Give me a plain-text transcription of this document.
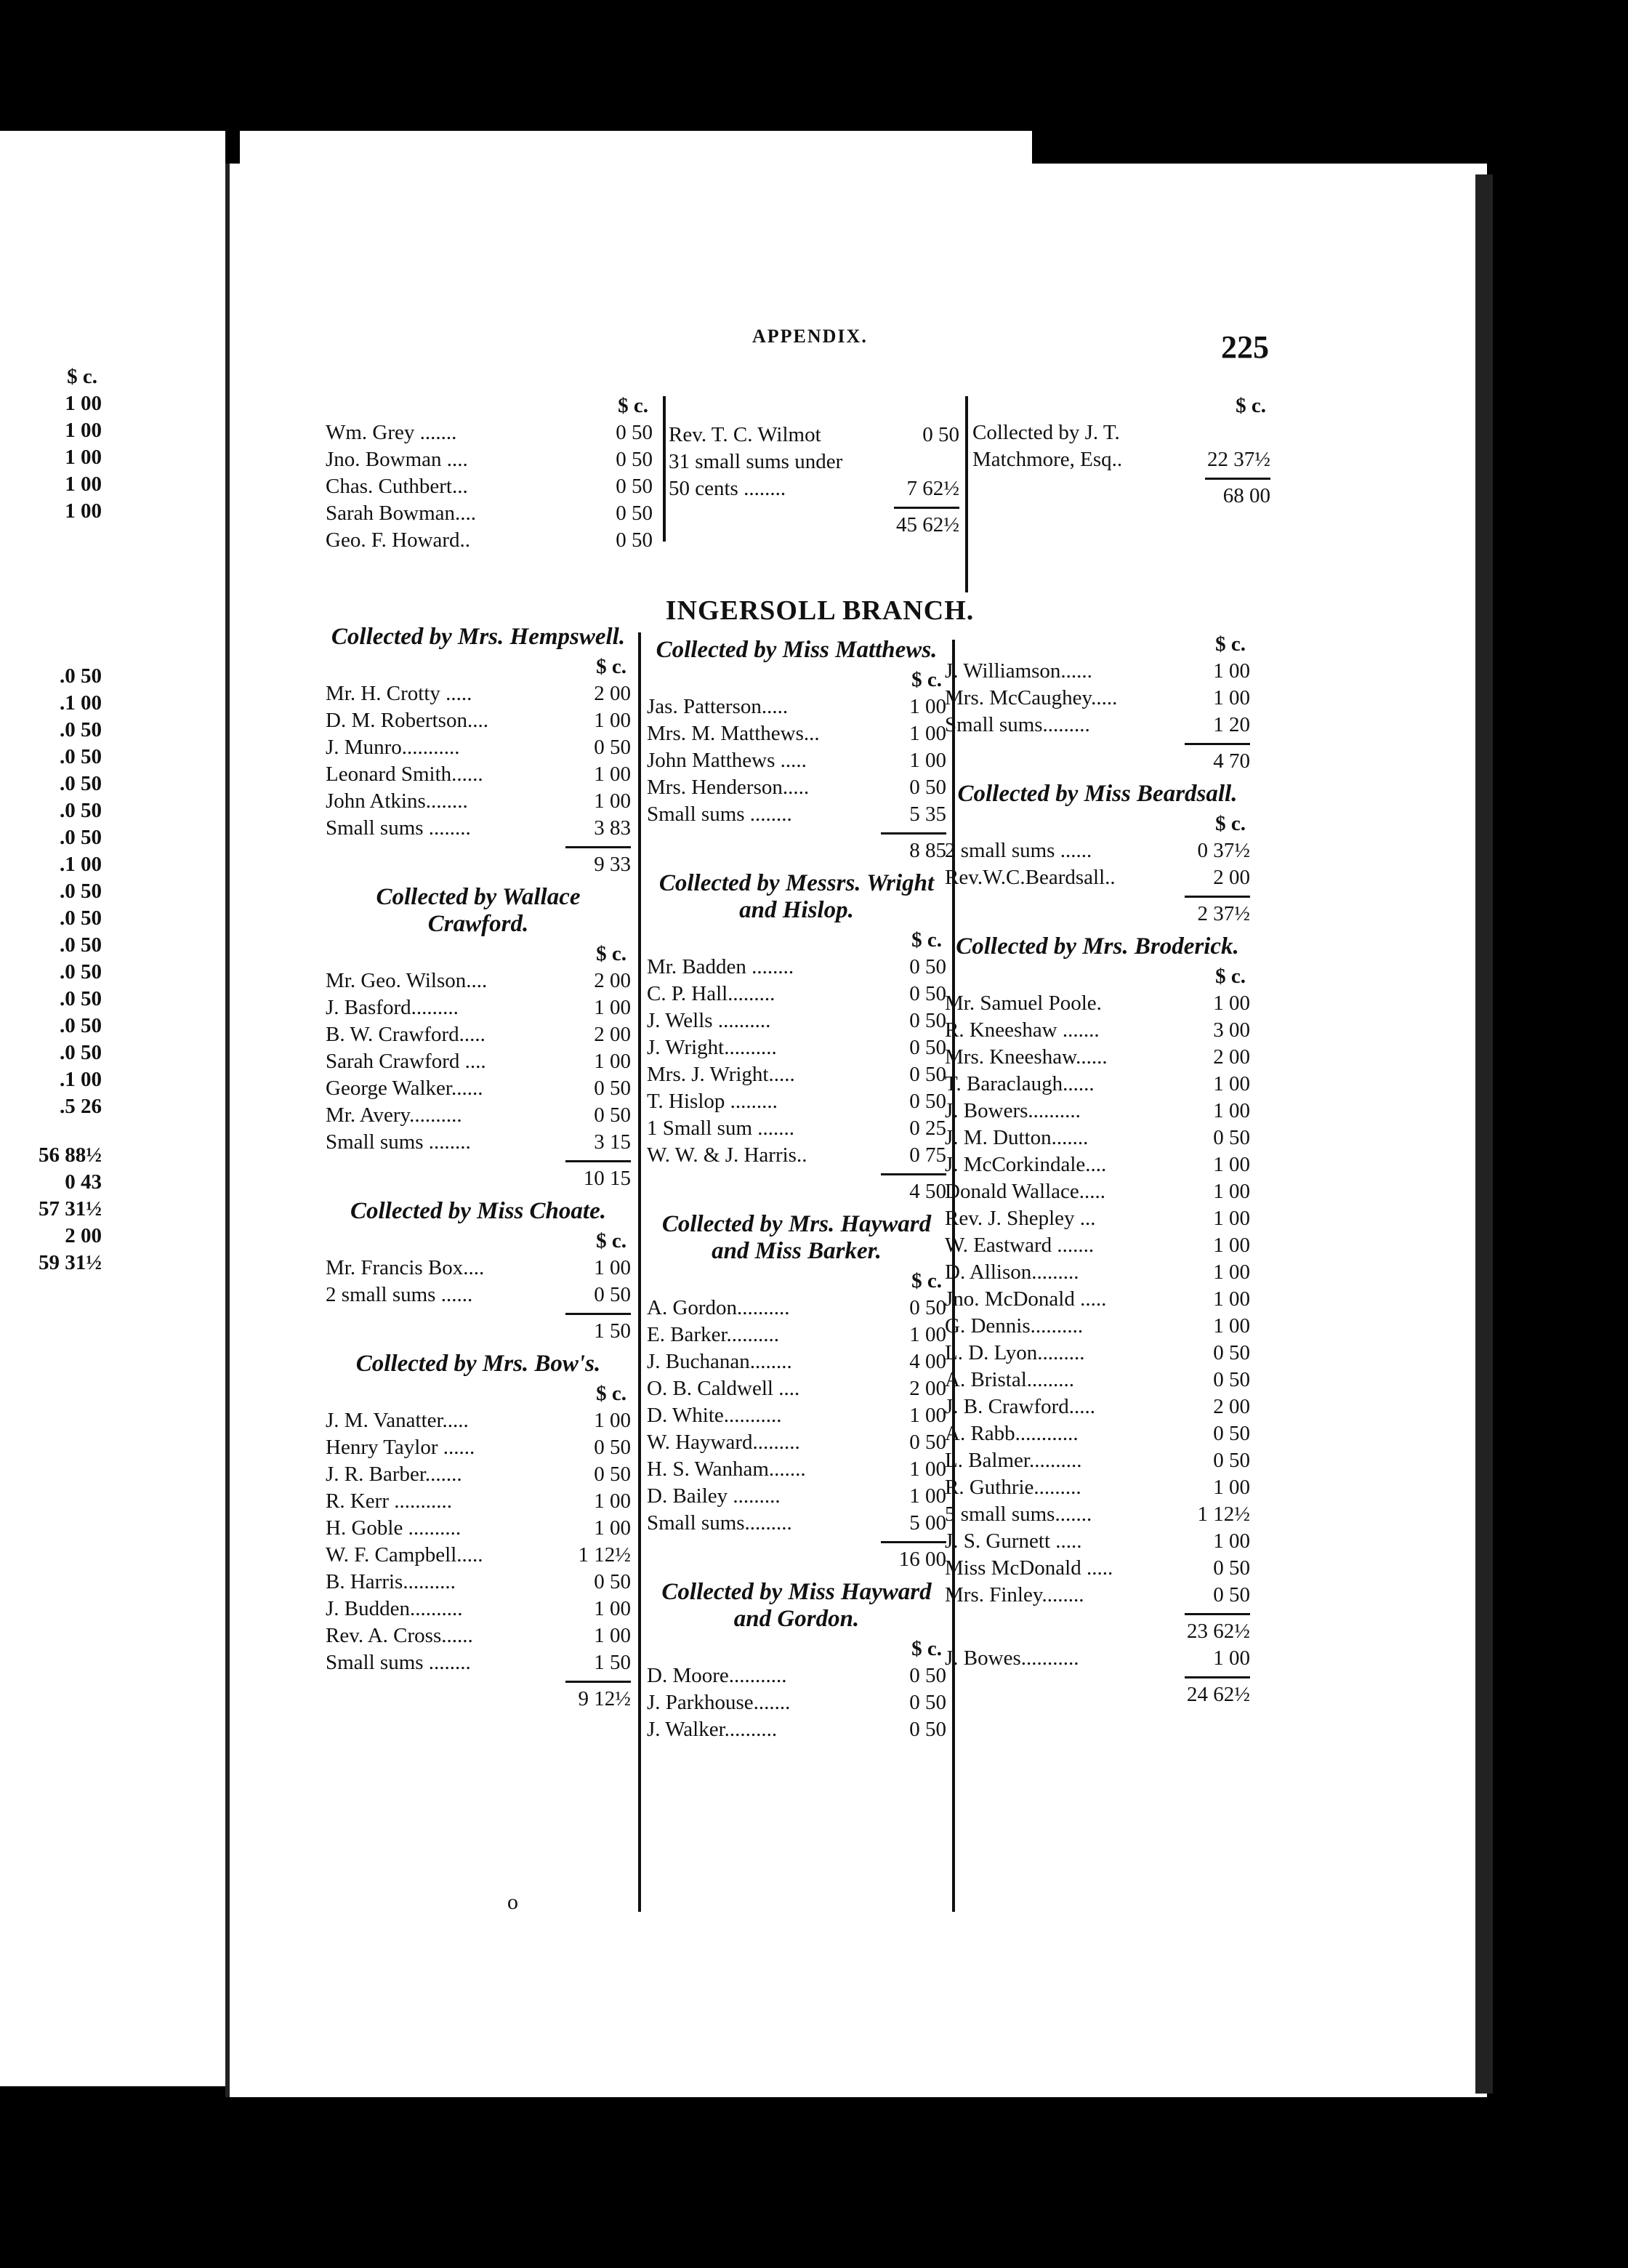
$ c.
1 00
1 00
1 00
1 00
1 00
.0 50
.1 00
.0 50
.0 50
.0 50
.0 50
.0 50
.1 00
.0 50
.0 50
.0 50
.0 50
.0 50
.0 50
.0 50
.1 00
.5 26
56 88½
0 43
57 31½
2 00
59 31½
APPENDIX.	225
INGERSOLL BRANCH.
$ c.
Wm. Grey .......	0 50
Jno. Bowman ....	0 50
Chas. Cuthbert...	0 50
Sarah Bowman....	0 50
Geo. F. Howard..	0 50
Rev. T. C. Wilmot	0 50
31 small sums under
50 cents ........	7 62½
45 62½
$ c.
Collected by J. T.
Matchmore, Esq..	22 37½
68 00
Collected by Mrs. Hempswell.
$ c.
Mr. H. Crotty .....	2 00
D. M. Robertson....	1 00
J. Munro...........	0 50
Leonard Smith......	1 00
John Atkins........	1 00
Small sums ........	3 83
9 33
Collected by Wallace Crawford.
$ c.
Mr. Geo. Wilson....	2 00
J. Basford.........	1 00
B. W. Crawford.....	2 00
Sarah Crawford ....	1 00
George Walker......	0 50
Mr. Avery..........	0 50
Small sums ........	3 15
10 15
Collected by Miss Choate.
$ c.
Mr. Francis Box....	1 00
2 small sums ......	0 50
1 50
Collected by Mrs. Bow's.
$ c.
J. M. Vanatter.....	1 00
Henry Taylor ......	0 50
J. R. Barber.......	0 50
R. Kerr ...........	1 00
H. Goble ..........	1 00
W. F. Campbell.....	1 12½
B. Harris..........	0 50
J. Budden..........	1 00
Rev. A. Cross......	1 00
Small sums ........	1 50
9 12½
Collected by Miss Matthews.
$ c.
Jas. Patterson.....	1 00
Mrs. M. Matthews...	1 00
John Matthews .....	1 00
Mrs. Henderson.....	0 50
Small sums ........	5 35
8 85
Collected by Messrs. Wright and Hislop.
$ c.
Mr. Badden ........	0 50
C. P. Hall.........	0 50
J. Wells ..........	0 50
J. Wright..........	0 50
Mrs. J. Wright.....	0 50
T. Hislop .........	0 50
1 Small sum .......	0 25
W. W. & J. Harris..	0 75
4 50
Collected by Mrs. Hayward and Miss Barker.
$ c.
A. Gordon..........	0 50
E. Barker..........	1 00
J. Buchanan........	4 00
O. B. Caldwell ....	2 00
D. White...........	1 00
W. Hayward.........	0 50
H. S. Wanham.......	1 00
D. Bailey .........	1 00
Small sums.........	5 00
16 00
Collected by Miss Hayward and Gordon.
$ c.
D. Moore...........	0 50
J. Parkhouse.......	0 50
J. Walker..........	0 50
$ c.
J. Williamson......	1 00
Mrs. McCaughey.....	1 00
Small sums.........	1 20
4 70
Collected by Miss Beardsall.
$ c.
2 small sums ......	0 37½
Rev.W.C.Beardsall..	2 00
2 37½
Collected by Mrs. Broderick.
$ c.
Mr. Samuel Poole.	1 00
R. Kneeshaw .......	3 00
Mrs. Kneeshaw......	2 00
T. Baraclaugh......	1 00
J. Bowers..........	1 00
J. M. Dutton.......	0 50
J. McCorkindale....	1 00
Donald Wallace.....	1 00
Rev. J. Shepley ...	1 00
W. Eastward .......	1 00
D. Allison.........	1 00
Jno. McDonald .....	1 00
G. Dennis..........	1 00
L. D. Lyon.........	0 50
A. Bristal.........	0 50
J. B. Crawford.....	2 00
A. Rabb............	0 50
L. Balmer..........	0 50
R. Guthrie.........	1 00
5 small sums.......	1 12½
J. S. Gurnett .....	1 00
Miss McDonald .....	0 50
Mrs. Finley........	0 50
23 62½
J. Bowes...........	1 00
24 62½
o
